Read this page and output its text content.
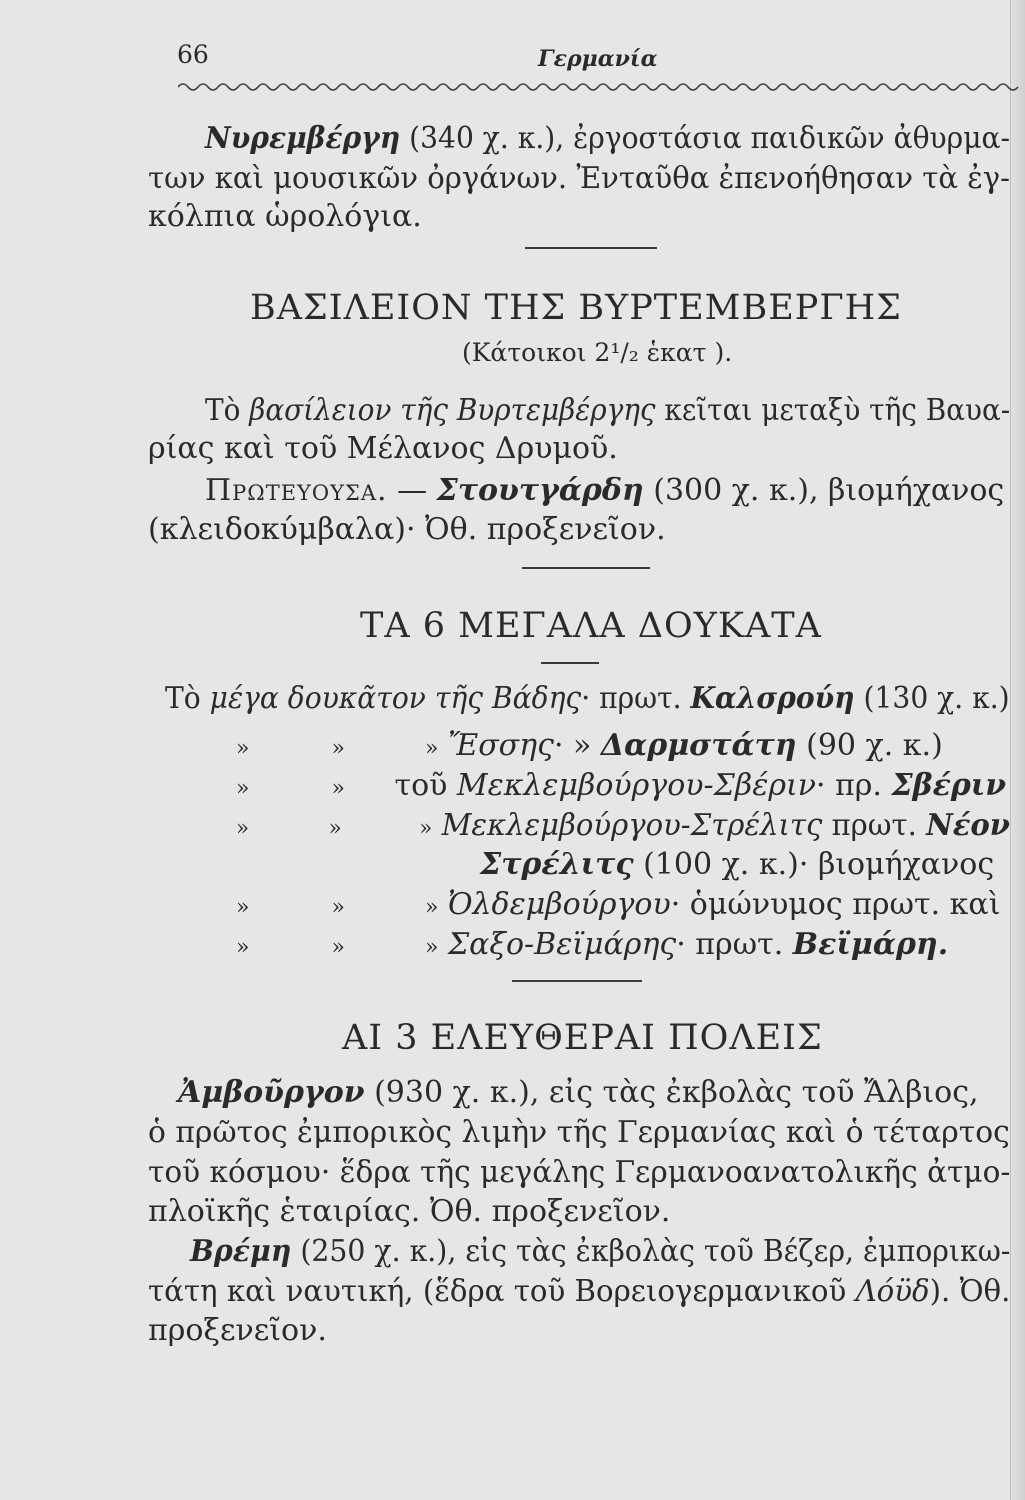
66	Γερμανία
Νυρεμβέργη (340 χ. κ.), ἐργοστάσια παιδικῶν ἀθυρμα-
των καὶ μουσικῶν ὀργάνων. Ἐνταῦθα ἐπενοήθησαν τὰ ἐγ-
κόλπια ὡρολόγια.
ΒΑΣΙΛΕΙΟΝ ΤΗΣ ΒΥΡΤΕΜΒΕΡΓΗΣ
(Κάτοικοι 2¹/₂ ἑκατ ).
Τὸ βασίλειον τῆς Βυρτεμβέργης κεῖται μεταξὺ τῆς Βαυα-
ρίας καὶ τοῦ Μέλανος Δρυμοῦ.
Πρωτευουσα. — Στουτγάρδη (300 χ. κ.), βιομήχανος
(κλειδοκύμβαλα)· Ὀθ. προξενεῖον.
ΤΑ 6 ΜΕΓΑΛΑ ΔΟΥΚΑΤΑ
Τὸ μέγα δουκᾶτον τῆς Βάδης· πρωτ. Καλσρούη (130 χ. κ.)
»	»	» Ἔσσης· » Δαρμστάτη (90 χ. κ.)
»	» τοῦ Μεκλεμβούργου-Σβέριν· πρ. Σβέριν
»	»	» Μεκλεμβούργου-Στρέλιτς πρωτ. Νέον
Στρέλιτς (100 χ. κ.)· βιομήχανος
»	»	» Ὀλδεμβούργου· ὁμώνυμος πρωτ. καὶ
»	»	» Σαξο-Βεϊμάρης· πρωτ. Βεϊμάρη.
ΑΙ 3 ΕΛΕΥΘΕΡΑΙ ΠΟΛΕΙΣ
Ἀμβοῦργον (930 χ. κ.), εἰς τὰς ἐκβολὰς τοῦ Ἄλβιος,
ὁ πρῶτος ἐμπορικὸς λιμὴν τῆς Γερμανίας καὶ ὁ τέταρτος
τοῦ κόσμου· ἕδρα τῆς μεγάλης Γερμανοανατολικῆς ἀτμο-
πλοϊκῆς ἑταιρίας. Ὀθ. προξενεῖον.
Βρέμη (250 χ. κ.), εἰς τὰς ἐκβολὰς τοῦ Βέζερ, ἐμπορικω-
τάτη καὶ ναυτική, (ἕδρα τοῦ Βορειογερμανικοῦ Λόϋδ). Ὀθ.
προξενεῖον.
